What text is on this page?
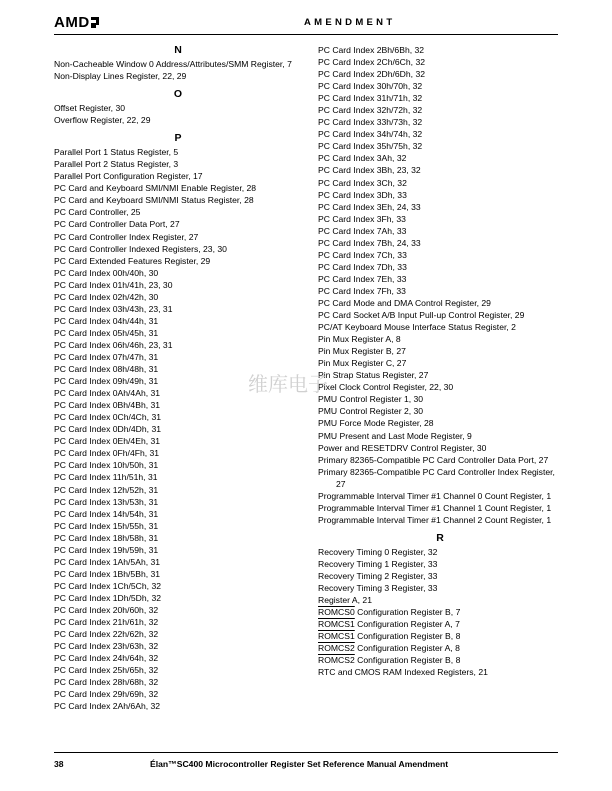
AMD	AMENDMENT
N
Non-Cacheable Window 0 Address/Attributes/SMM Register, 7
Non-Display Lines Register, 22, 29
O
Offset Register, 30
Overflow Register, 22, 29
P
Parallel Port 1 Status Register, 5
Parallel Port 2 Status Register, 3
Parallel Port Configuration Register, 17
PC Card and Keyboard SMI/NMI Enable Register, 28
PC Card and Keyboard SMI/NMI Status Register, 28
PC Card Controller, 25
PC Card Controller Data Port, 27
PC Card Controller Index Register, 27
PC Card Controller Indexed Registers, 23, 30
PC Card Extended Features Register, 29
PC Card Index 00h/40h, 30
PC Card Index 01h/41h, 23, 30
PC Card Index 02h/42h, 30
PC Card Index 03h/43h, 23, 31
PC Card Index 04h/44h, 31
PC Card Index 05h/45h, 31
PC Card Index 06h/46h, 23, 31
PC Card Index 07h/47h, 31
PC Card Index 08h/48h, 31
PC Card Index 09h/49h, 31
PC Card Index 0Ah/4Ah, 31
PC Card Index 0Bh/4Bh, 31
PC Card Index 0Ch/4Ch, 31
PC Card Index 0Dh/4Dh, 31
PC Card Index 0Eh/4Eh, 31
PC Card Index 0Fh/4Fh, 31
PC Card Index 10h/50h, 31
PC Card Index 11h/51h, 31
PC Card Index 12h/52h, 31
PC Card Index 13h/53h, 31
PC Card Index 14h/54h, 31
PC Card Index 15h/55h, 31
PC Card Index 18h/58h, 31
PC Card Index 19h/59h, 31
PC Card Index 1Ah/5Ah, 31
PC Card Index 1Bh/5Bh, 31
PC Card Index 1Ch/5Ch, 32
PC Card Index 1Dh/5Dh, 32
PC Card Index 20h/60h, 32
PC Card Index 21h/61h, 32
PC Card Index 22h/62h, 32
PC Card Index 23h/63h, 32
PC Card Index 24h/64h, 32
PC Card Index 25h/65h, 32
PC Card Index 28h/68h, 32
PC Card Index 29h/69h, 32
PC Card Index 2Ah/6Ah, 32
PC Card Index 2Bh/6Bh, 32
PC Card Index 2Ch/6Ch, 32
PC Card Index 2Dh/6Dh, 32
PC Card Index 30h/70h, 32
PC Card Index 31h/71h, 32
PC Card Index 32h/72h, 32
PC Card Index 33h/73h, 32
PC Card Index 34h/74h, 32
PC Card Index 35h/75h, 32
PC Card Index 3Ah, 32
PC Card Index 3Bh, 23, 32
PC Card Index 3Ch, 32
PC Card Index 3Dh, 33
PC Card Index 3Eh, 24, 33
PC Card Index 3Fh, 33
PC Card Index 7Ah, 33
PC Card Index 7Bh, 24, 33
PC Card Index 7Ch, 33
PC Card Index 7Dh, 33
PC Card Index 7Eh, 33
PC Card Index 7Fh, 33
PC Card Mode and DMA Control Register, 29
PC Card Socket A/B Input Pull-up Control Register, 29
PC/AT Keyboard Mouse Interface Status Register, 2
Pin Mux Register A, 8
Pin Mux Register B, 27
Pin Mux Register C, 27
Pin Strap Status Register, 27
Pixel Clock Control Register, 22, 30
PMU Control Register 1, 30
PMU Control Register 2, 30
PMU Force Mode Register, 28
PMU Present and Last Mode Register, 9
Power and RESETDRV Control Register, 30
Primary 82365-Compatible PC Card Controller Data Port, 27
Primary 82365-Compatible PC Card Controller Index Register, 27
Programmable Interval Timer #1 Channel 0 Count Register, 1
Programmable Interval Timer #1 Channel 1 Count Register, 1
Programmable Interval Timer #1 Channel 2 Count Register, 1
R
Recovery Timing 0 Register, 32
Recovery Timing 1 Register, 33
Recovery Timing 2 Register, 33
Recovery Timing 3 Register, 33
Register A, 21
ROMCS0 Configuration Register B, 7
ROMCS1 Configuration Register A, 7
ROMCS1 Configuration Register B, 8
ROMCS2 Configuration Register A, 8
ROMCS2 Configuration Register B, 8
RTC and CMOS RAM Indexed Registers, 21
维库电子
38	Élan™SC400 Microcontroller Register Set Reference Manual Amendment
